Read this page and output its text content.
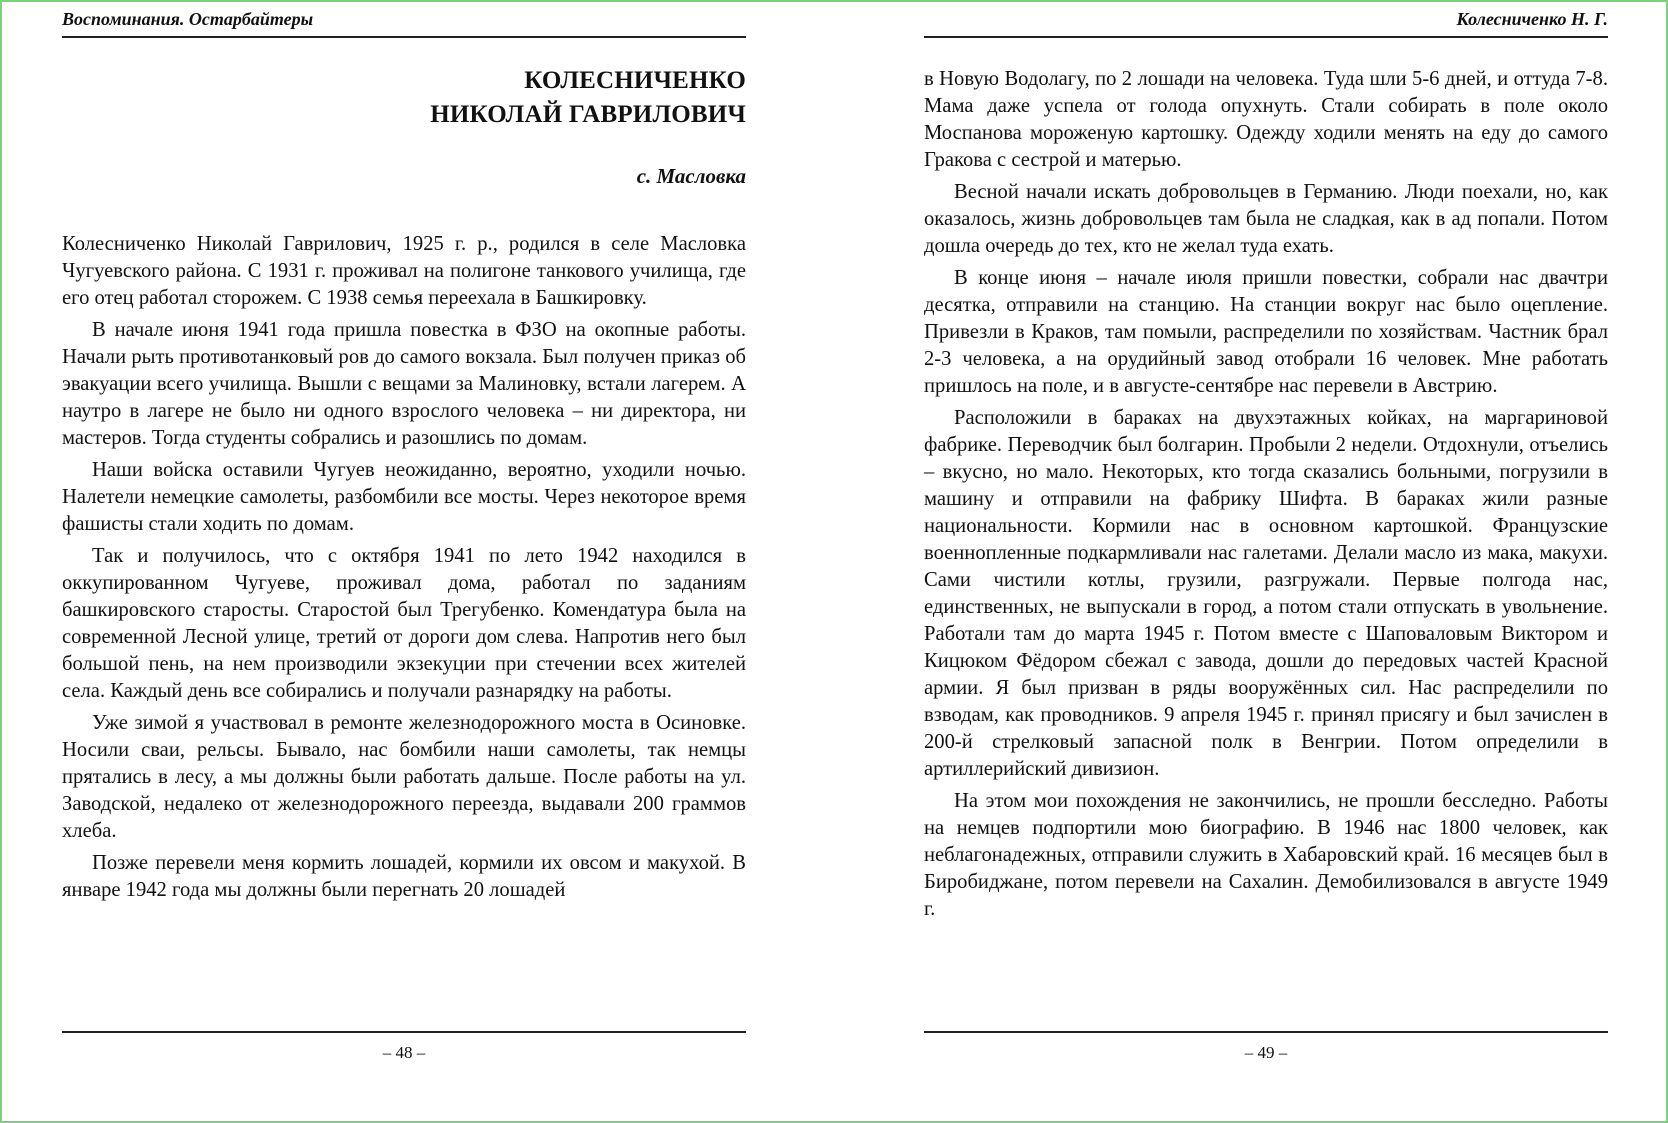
Воспоминания. Остарбайтеры
КОЛЕСНИЧЕНКО
НИКОЛАЙ ГАВРИЛОВИЧ
с. Масловка

Колесниченко Николай Гаврилович, 1925 г. р., родился в селе Масловка Чугуевского района. С 1931 г. проживал на полигоне танкового училища, где его отец работал сторожем. С 1938 семья переехала в Башкировку.

В начале июня 1941 года пришла повестка в ФЗО на окопные работы. Начали рыть противотанковый ров до самого вокзала. Был получен приказ об эвакуации всего училища. Вышли с вещами за Малиновку, встали лагерем. А наутро в лагере не было ни одного взрослого человека – ни директора, ни мастеров. Тогда студенты собрались и разошлись по домам.

Наши войска оставили Чугуев неожиданно, вероятно, уходили ночью. Налетели немецкие самолеты, разбомбили все мосты. Через некоторое время фашисты стали ходить по домам.

Так и получилось, что с октября 1941 по лето 1942 находился в оккупированном Чугуеве, проживал дома, работал по заданиям башкировского старосты. Старостой был Трегубенко. Комендатура была на современной Лесной улице, третий от дороги дом слева. Напротив него был большой пень, на нем производили экзекуции при стечении всех жителей села. Каждый день все собирались и получали разнарядку на работы.

Уже зимой я участвовал в ремонте железнодорожного моста в Осиновке. Носили сваи, рельсы. Бывало, нас бомбили наши самолеты, так немцы прятались в лесу, а мы должны были работать дальше. После работы на ул. Заводской, недалеко от железнодорожного переезда, выдавали 200 граммов хлеба.

Позже перевели меня кормить лошадей, кормили их овсом и макухой. В январе 1942 года мы должны были перегнать 20 лошадей

– 48 –
Колесниченко Н. Г.

в Новую Водолагу, по 2 лошади на человека. Туда шли 5-6 дней, и оттуда 7-8. Мама даже успела от голода опухнуть. Стали собирать в поле около Моспанова мороженую картошку. Одежду ходили менять на еду до самого Гракова с сестрой и матерью.

Весной начали искать добровольцев в Германию. Люди поехали, но, как оказалось, жизнь добровольцев там была не сладкая, как в ад попали. Потом дошла очередь до тех, кто не желал туда ехать.

В конце июня – начале июля пришли повестки, собрали нас двачтри десятка, отправили на станцию. На станции вокруг нас было оцепление. Привезли в Краков, там помыли, распределили по хозяйствам. Частник брал 2-3 человека, а на орудийный завод отобрали 16 человек. Мне работать пришлось на поле, и в августе-сентябре нас перевели в Австрию.

Расположили в бараках на двухэтажных койках, на маргариновой фабрике. Переводчик был болгарин. Пробыли 2 недели. Отдохнули, отъелись – вкусно, но мало. Некоторых, кто тогда сказались больными, погрузили в машину и отправили на фабрику Шифта. В бараках жили разные национальности. Кормили нас в основном картошкой. Французские военнопленные подкармливали нас галетами. Делали масло из мака, макухи. Сами чистили котлы, грузили, разгружали. Первые полгода нас, единственных, не выпускали в город, а потом стали отпускать в увольнение. Работали там до марта 1945 г. Потом вместе с Шаповаловым Виктором и Кицюком Фёдором сбежал с завода, дошли до передовых частей Красной армии. Я был призван в ряды вооружённых сил. Нас распределили по взводам, как проводников. 9 апреля 1945 г. принял присягу и был зачислен в 200-й стрелковый запасной полк в Венгрии. Потом определили в артиллерийский дивизион.

На этом мои похождения не закончились, не прошли бесследно. Работы на немцев подпортили мою биографию. В 1946 нас 1800 человек, как неблагонадежных, отправили служить в Хабаровский край. 16 месяцев был в Биробиджане, потом перевели на Сахалин. Демобилизовался в августе 1949 г.

– 49 –
